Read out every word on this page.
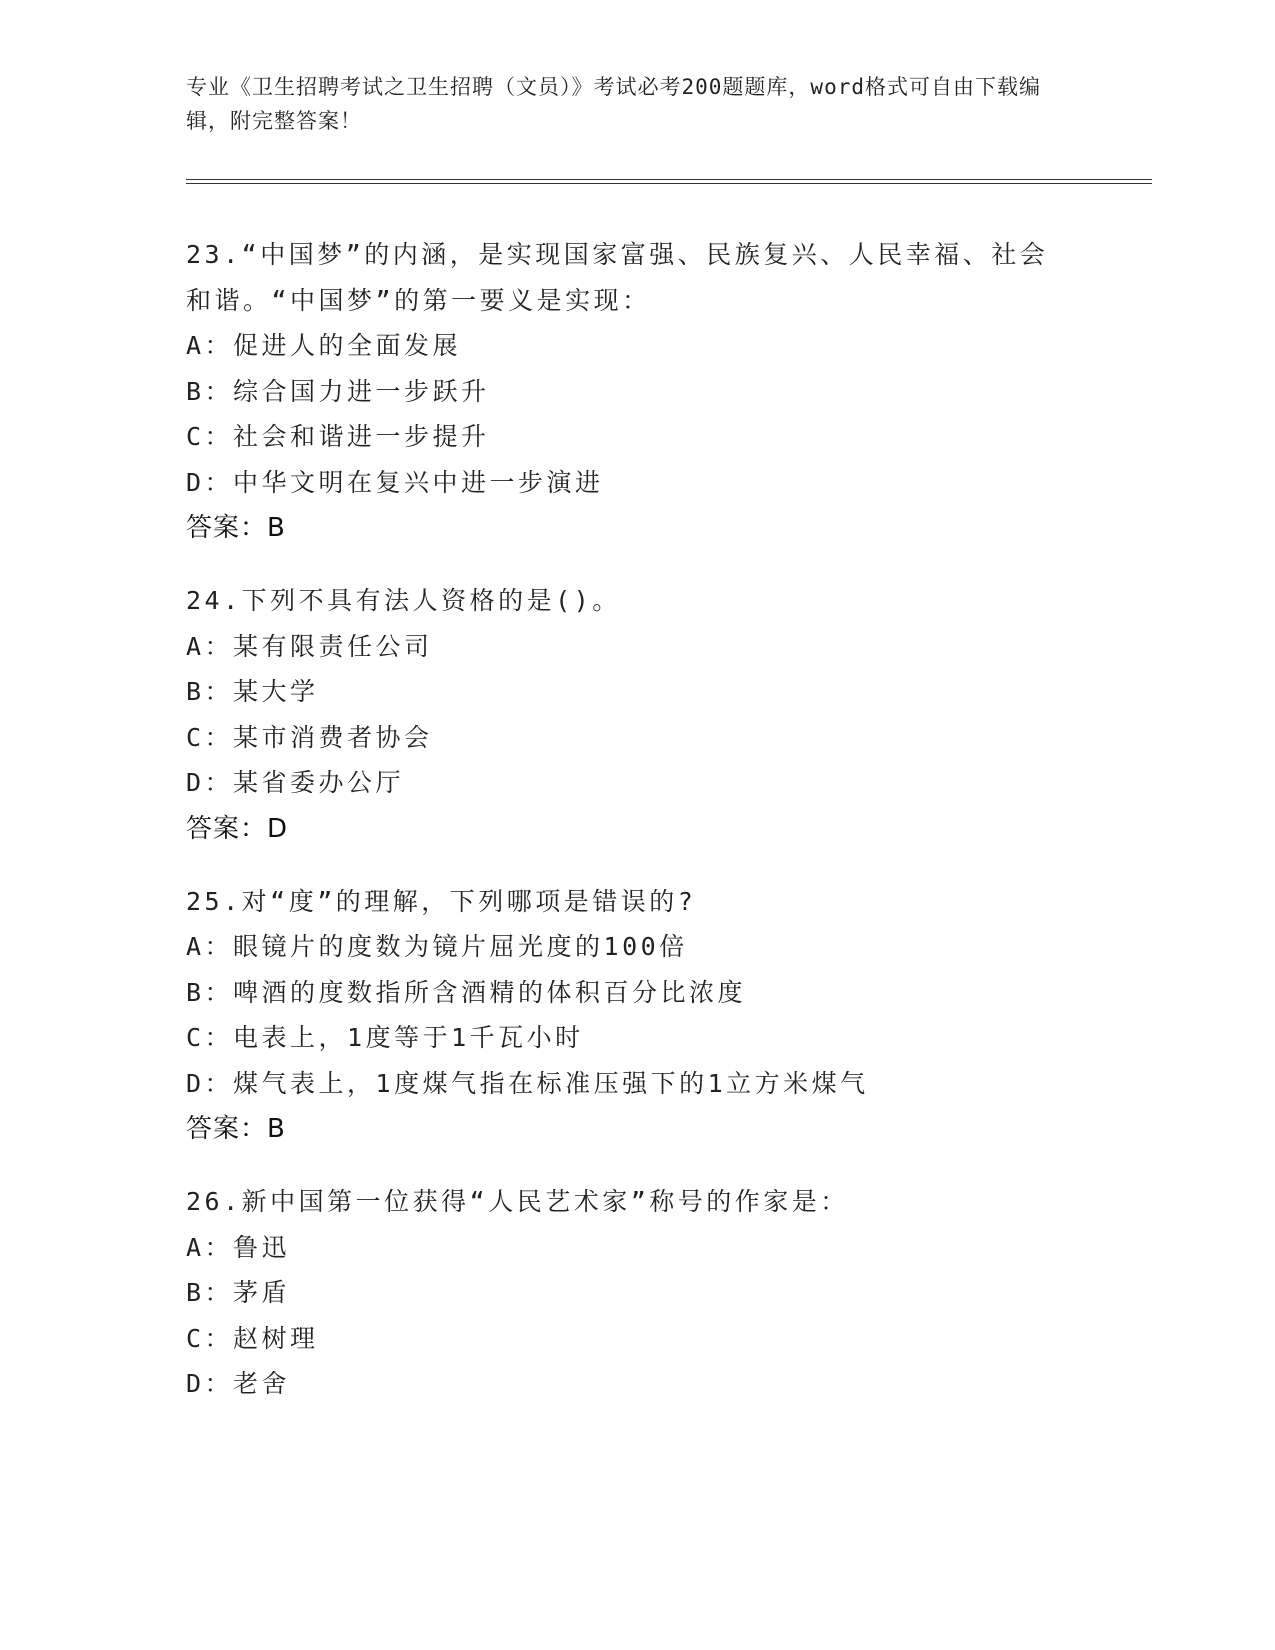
专业《卫生招聘考试之卫生招聘（文员）》考试必考200题题库，word格式可自由下载编辑，附完整答案！
23.“中国梦”的内涵，是实现国家富强、民族复兴、人民幸福、社会和谐。“中国梦”的第一要义是实现：
A：促进人的全面发展
B：综合国力进一步跃升
C：社会和谐进一步提升
D：中华文明在复兴中进一步演进
答案：B
24.下列不具有法人资格的是()。
A：某有限责任公司
B：某大学
C：某市消费者协会
D：某省委办公厅
答案：D
25.对“度”的理解，下列哪项是错误的?
A：眼镜片的度数为镜片屈光度的100倍
B：啤酒的度数指所含酒精的体积百分比浓度
C：电表上，1度等于1千瓦小时
D：煤气表上，1度煤气指在标准压强下的1立方米煤气
答案：B
26.新中国第一位获得“人民艺术家”称号的作家是：
A：鲁迅
B：茅盾
C：赵树理
D：老舍
